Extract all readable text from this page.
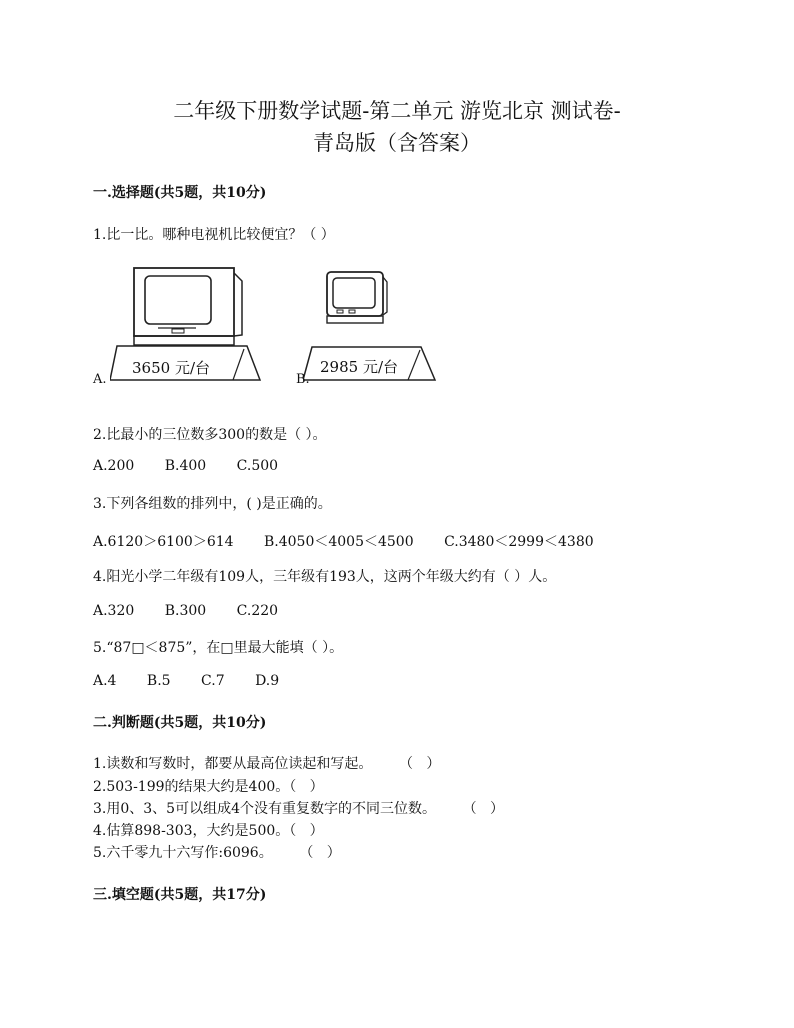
二年级下册数学试题-第二单元 游览北京 测试卷-
青岛版（含答案）
一.选择题(共5题，共10分)
1.比一比。哪种电视机比较便宜？（ ）
A.
3650 元/台
B.
2985 元/台
2.比最小的三位数多300的数是（ ）。
A.200 B.400 C.500
3.下列各组数的排列中，( )是正确的。
A.6120＞6100＞614 B.4050＜4005＜4500 C.3480＜2999＜4380
4.阳光小学二年级有109人，三年级有193人，这两个年级大约有（ ）人。
A.320 B.300 C.220
5.“87□＜875”，在□里最大能填（ ）。
A.4 B.5 C.7 D.9
二.判断题(共5题，共10分)
1.读数和写数时，都要从最高位读起和写起。      （   ）
2.503-199的结果大约是400。（   ）
3.用0、3、5可以组成4个没有重复数字的不同三位数。      （   ）
4.估算898-303，大约是500。（   ）
5.六千零九十六写作:6096。      （   ）
三.填空题(共5题，共17分)
